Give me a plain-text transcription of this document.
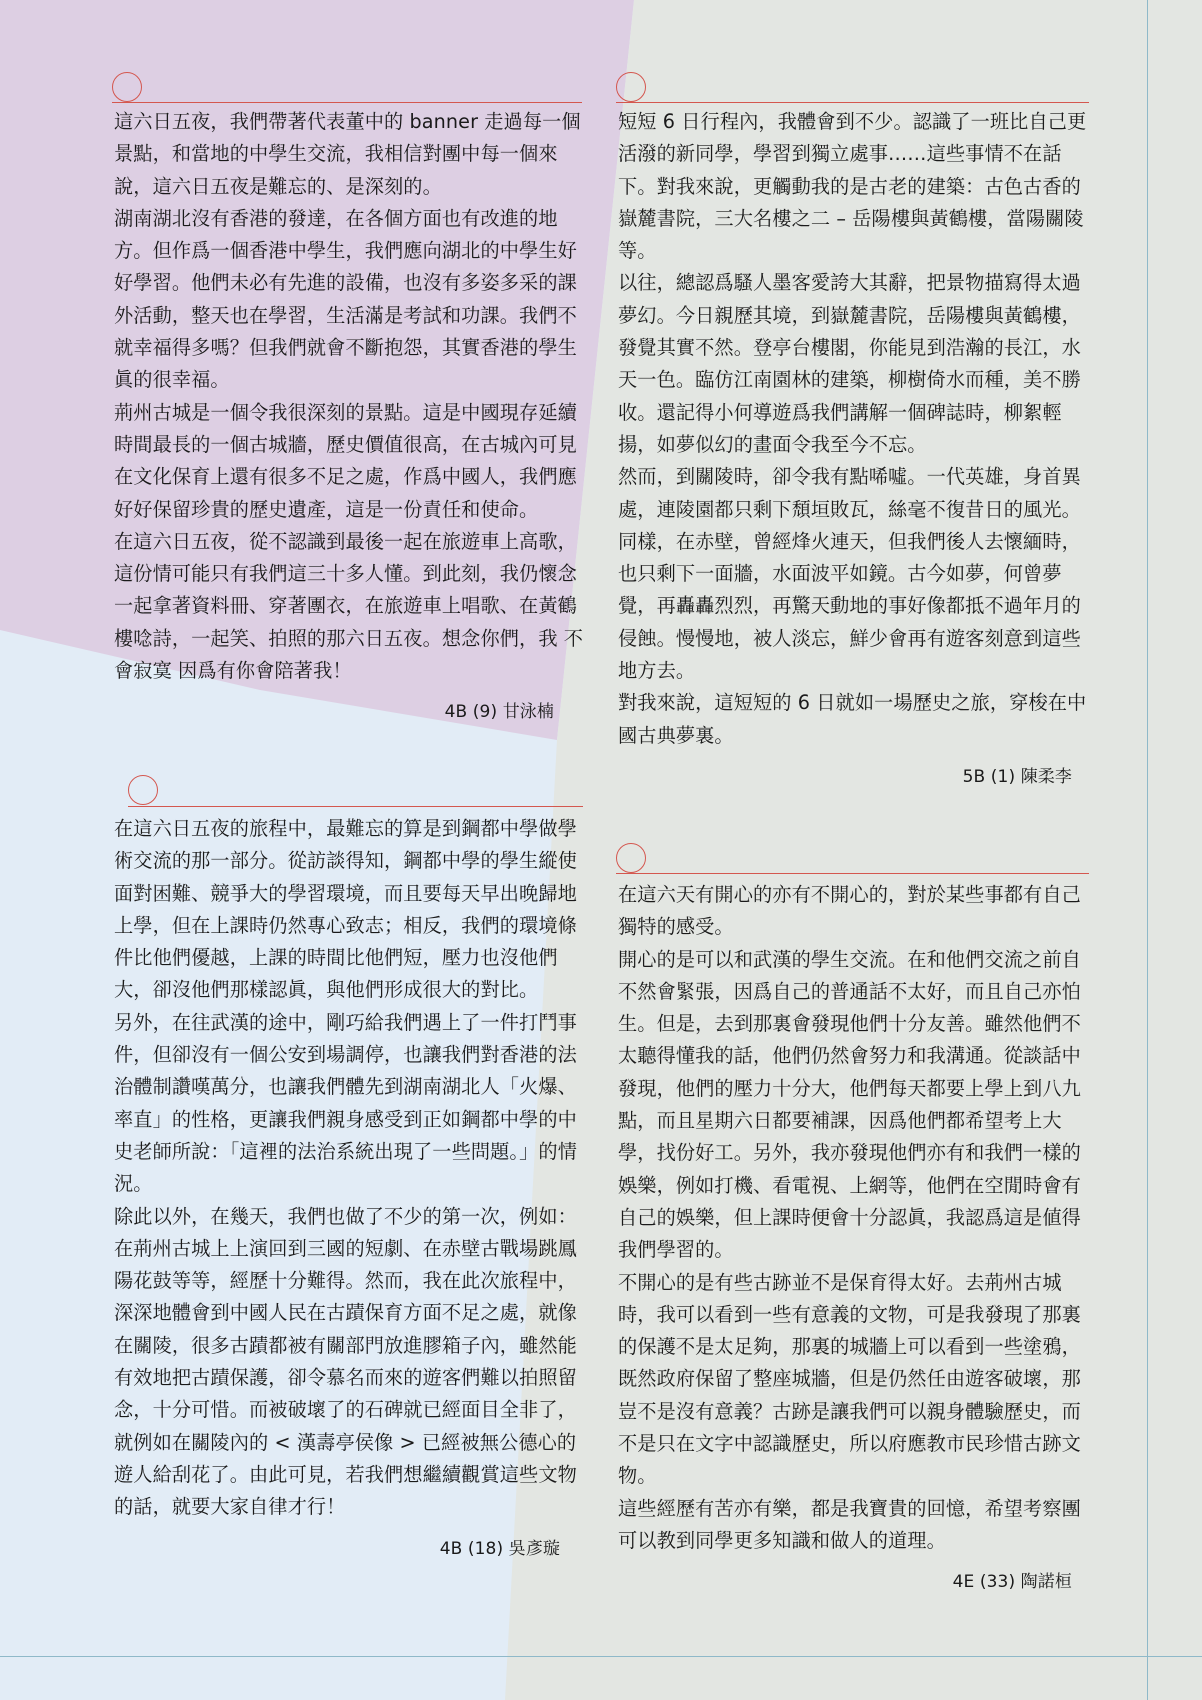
這六日五夜，我們帶著代表董中的 banner 走過每一個景點，和當地的中學生交流，我相信對團中每一個來說，這六日五夜是難忘的、是深刻的。

湖南湖北沒有香港的發達，在各個方面也有改進的地方。但作爲一個香港中學生，我們應向湖北的中學生好好學習。他們未必有先進的設備，也沒有多姿多采的課外活動，整天也在學習，生活滿是考試和功課。我們不就幸福得多嗎？但我們就會不斷抱怨，其實香港的學生眞的很幸福。

荊州古城是一個令我很深刻的景點。這是中國現存延續時間最長的一個古城牆，歷史價值很高，在古城內可見在文化保育上還有很多不足之處，作爲中國人，我們應好好保留珍貴的歷史遺產，這是一份責任和使命。

在這六日五夜，從不認識到最後一起在旅遊車上高歌，這份情可能只有我們這三十多人懂。到此刻，我仍懷念一起拿著資料冊、穿著團衣，在旅遊車上唱歌、在黃鶴樓唸詩，一起笑、拍照的那六日五夜。想念你們，我 不會寂寞 因爲有你會陪著我！

4B (9) 甘泳楠

短短 6 日行程內，我體會到不少。認識了一班比自己更活潑的新同學，學習到獨立處事……這些事情不在話下。對我來說，更觸動我的是古老的建築：古色古香的嶽麓書院，三大名樓之二 – 岳陽樓與黃鶴樓，當陽關陵等。

以往，總認爲騷人墨客愛誇大其辭，把景物描寫得太過夢幻。今日親歷其境，到嶽麓書院，岳陽樓與黃鶴樓，發覺其實不然。登亭台樓閣，你能見到浩瀚的長江，水天一色。臨仿江南園林的建築，柳樹倚水而種，美不勝收。還記得小何導遊爲我們講解一個碑誌時，柳絮輕揚，如夢似幻的畫面令我至今不忘。

然而，到關陵時，卻令我有點唏噓。一代英雄，身首異處，連陵園都只剩下頹垣敗瓦，絲毫不復昔日的風光。同樣，在赤壁，曾經烽火連天，但我們後人去懷緬時，也只剩下一面牆，水面波平如鏡。古今如夢，何曾夢覺，再轟轟烈烈，再驚天動地的事好像都抵不過年月的侵蝕。慢慢地，被人淡忘，鮮少會再有遊客刻意到這些地方去。

對我來說，這短短的 6 日就如一場歷史之旅，穿梭在中國古典夢裏。

5B (1) 陳柔李

在這六日五夜的旅程中，最難忘的算是到鋼都中學做學術交流的那一部分。從訪談得知，鋼都中學的學生縱使面對困難、競爭大的學習環境，而且要每天早出晚歸地上學，但在上課時仍然專心致志；相反，我們的環境條件比他們優越，上課的時間比他們短，壓力也沒他們大，卻沒他們那樣認眞，與他們形成很大的對比。

另外，在往武漢的途中，剛巧給我們遇上了一件打鬥事件，但卻沒有一個公安到場調停，也讓我們對香港的法治體制讚嘆萬分，也讓我們體先到湖南湖北人「火爆、率直」的性格，更讓我們親身感受到正如鋼都中學的中史老師所說：「這裡的法治系統出現了一些問題。」的情況。

除此以外，在幾天，我們也做了不少的第一次，例如：在荊州古城上上演回到三國的短劇、在赤壁古戰場跳鳳陽花鼓等等，經歷十分難得。然而，我在此次旅程中，深深地體會到中國人民在古蹟保育方面不足之處，就像在關陵，很多古蹟都被有關部門放進膠箱子內，雖然能有效地把古蹟保護，卻令慕名而來的遊客們難以拍照留念，十分可惜。而被破壞了的石碑就已經面目全非了，就例如在關陵內的 < 漢壽亭侯像 > 已經被無公德心的遊人給刮花了。由此可見，若我們想繼續觀賞這些文物的話，就要大家自律才行！

4B (18) 吳彥璇

在這六天有開心的亦有不開心的，對於某些事都有自己獨特的感受。

開心的是可以和武漢的學生交流。在和他們交流之前自不然會緊張，因爲自己的普通話不太好，而且自己亦怕生。但是，去到那裏會發現他們十分友善。雖然他們不太聽得懂我的話，他們仍然會努力和我溝通。從談話中發現，他們的壓力十分大，他們每天都要上學上到八九點，而且星期六日都要補課，因爲他們都希望考上大學，找份好工。另外，我亦發現他們亦有和我們一樣的娛樂，例如打機、看電視、上網等，他們在空閒時會有自己的娛樂，但上課時便會十分認眞，我認爲這是値得我們學習的。

不開心的是有些古跡並不是保育得太好。去荊州古城時，我可以看到一些有意義的文物，可是我發現了那裏的保護不是太足夠，那裏的城牆上可以看到一些塗鴉，既然政府保留了整座城牆，但是仍然任由遊客破壞，那豈不是沒有意義？古跡是讓我們可以親身體驗歷史，而不是只在文字中認識歷史，所以府應教市民珍惜古跡文物。

這些經歷有苦亦有樂，都是我寶貴的回憶，希望考察團可以教到同學更多知識和做人的道理。

4E (33) 陶諾桓
